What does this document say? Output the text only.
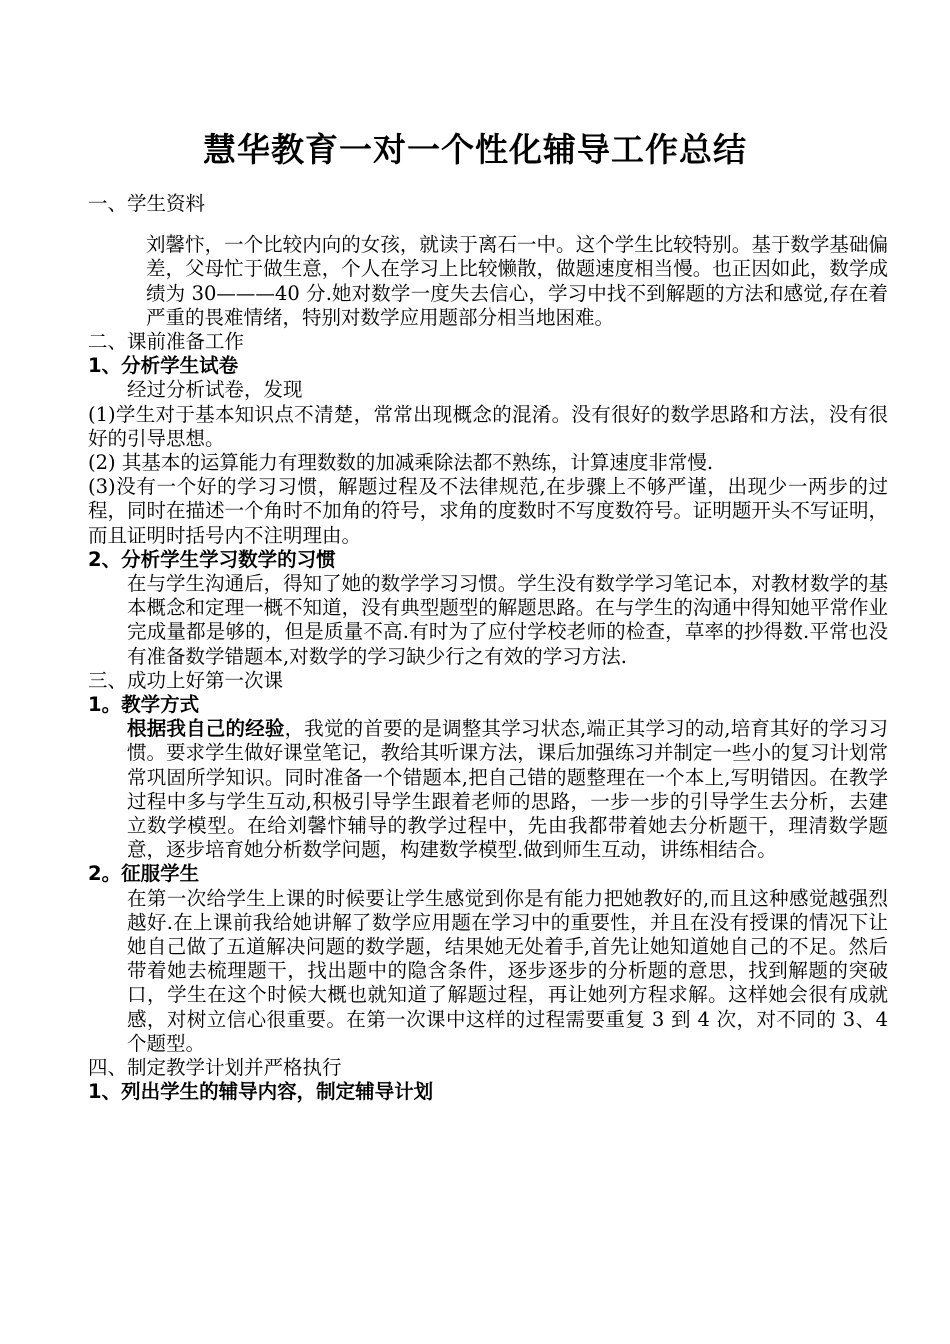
慧华教育一对一个性化辅导工作总结
一、学生资料
刘馨忭，一个比较内向的女孩，就读于离石一中。这个学生比较特别。基于数学基础偏差，父母忙于做生意，个人在学习上比较懒散，做题速度相当慢。也正因如此，数学成绩为 30———40 分.她对数学一度失去信心，学习中找不到解题的方法和感觉,存在着严重的畏难情绪，特别对数学应用题部分相当地困难。
二、课前准备工作
1、分析学生试卷
经过分析试卷，发现
(1)学生对于基本知识点不清楚，常常出现概念的混淆。没有很好的数学思路和方法，没有很好的引导思想。
(2) 其基本的运算能力有理数数的加减乘除法都不熟练，计算速度非常慢.
(3)没有一个好的学习习惯，解题过程及不法律规范,在步骤上不够严谨，出现少一两步的过程，同时在描述一个角时不加角的符号，求角的度数时不写度数符号。证明题开头不写证明，而且证明时括号内不注明理由。
2、分析学生学习数学的习惯
在与学生沟通后，得知了她的数学学习习惯。学生没有数学学习笔记本，对教材数学的基本概念和定理一概不知道，没有典型题型的解题思路。在与学生的沟通中得知她平常作业完成量都是够的，但是质量不高.有时为了应付学校老师的检查，草率的抄得数.平常也没有准备数学错题本,对数学的学习缺少行之有效的学习方法.
三、成功上好第一次课
1。教学方式
根据我自己的经验，我觉的首要的是调整其学习状态,端正其学习的动,培育其好的学习习惯。要求学生做好课堂笔记，教给其听课方法，课后加强练习并制定一些小的复习计划常常巩固所学知识。同时准备一个错题本,把自己错的题整理在一个本上,写明错因。在教学过程中多与学生互动,积极引导学生跟着老师的思路，一步一步的引导学生去分析，去建立数学模型。在给刘馨忭辅导的教学过程中，先由我都带着她去分析题干，理清数学题意，逐步培育她分析数学问题，构建数学模型.做到师生互动，讲练相结合。
2。征服学生
在第一次给学生上课的时候要让学生感觉到你是有能力把她教好的,而且这种感觉越强烈越好.在上课前我给她讲解了数学应用题在学习中的重要性，并且在没有授课的情况下让她自己做了五道解决问题的数学题，结果她无处着手,首先让她知道她自己的不足。然后带着她去梳理题干，找出题中的隐含条件，逐步逐步的分析题的意思，找到解题的突破口，学生在这个时候大概也就知道了解题过程，再让她列方程求解。这样她会很有成就感，对树立信心很重要。在第一次课中这样的过程需要重复 3 到 4 次，对不同的 3、4 个题型。
四、制定教学计划并严格执行
1、列出学生的辅导内容，制定辅导计划
